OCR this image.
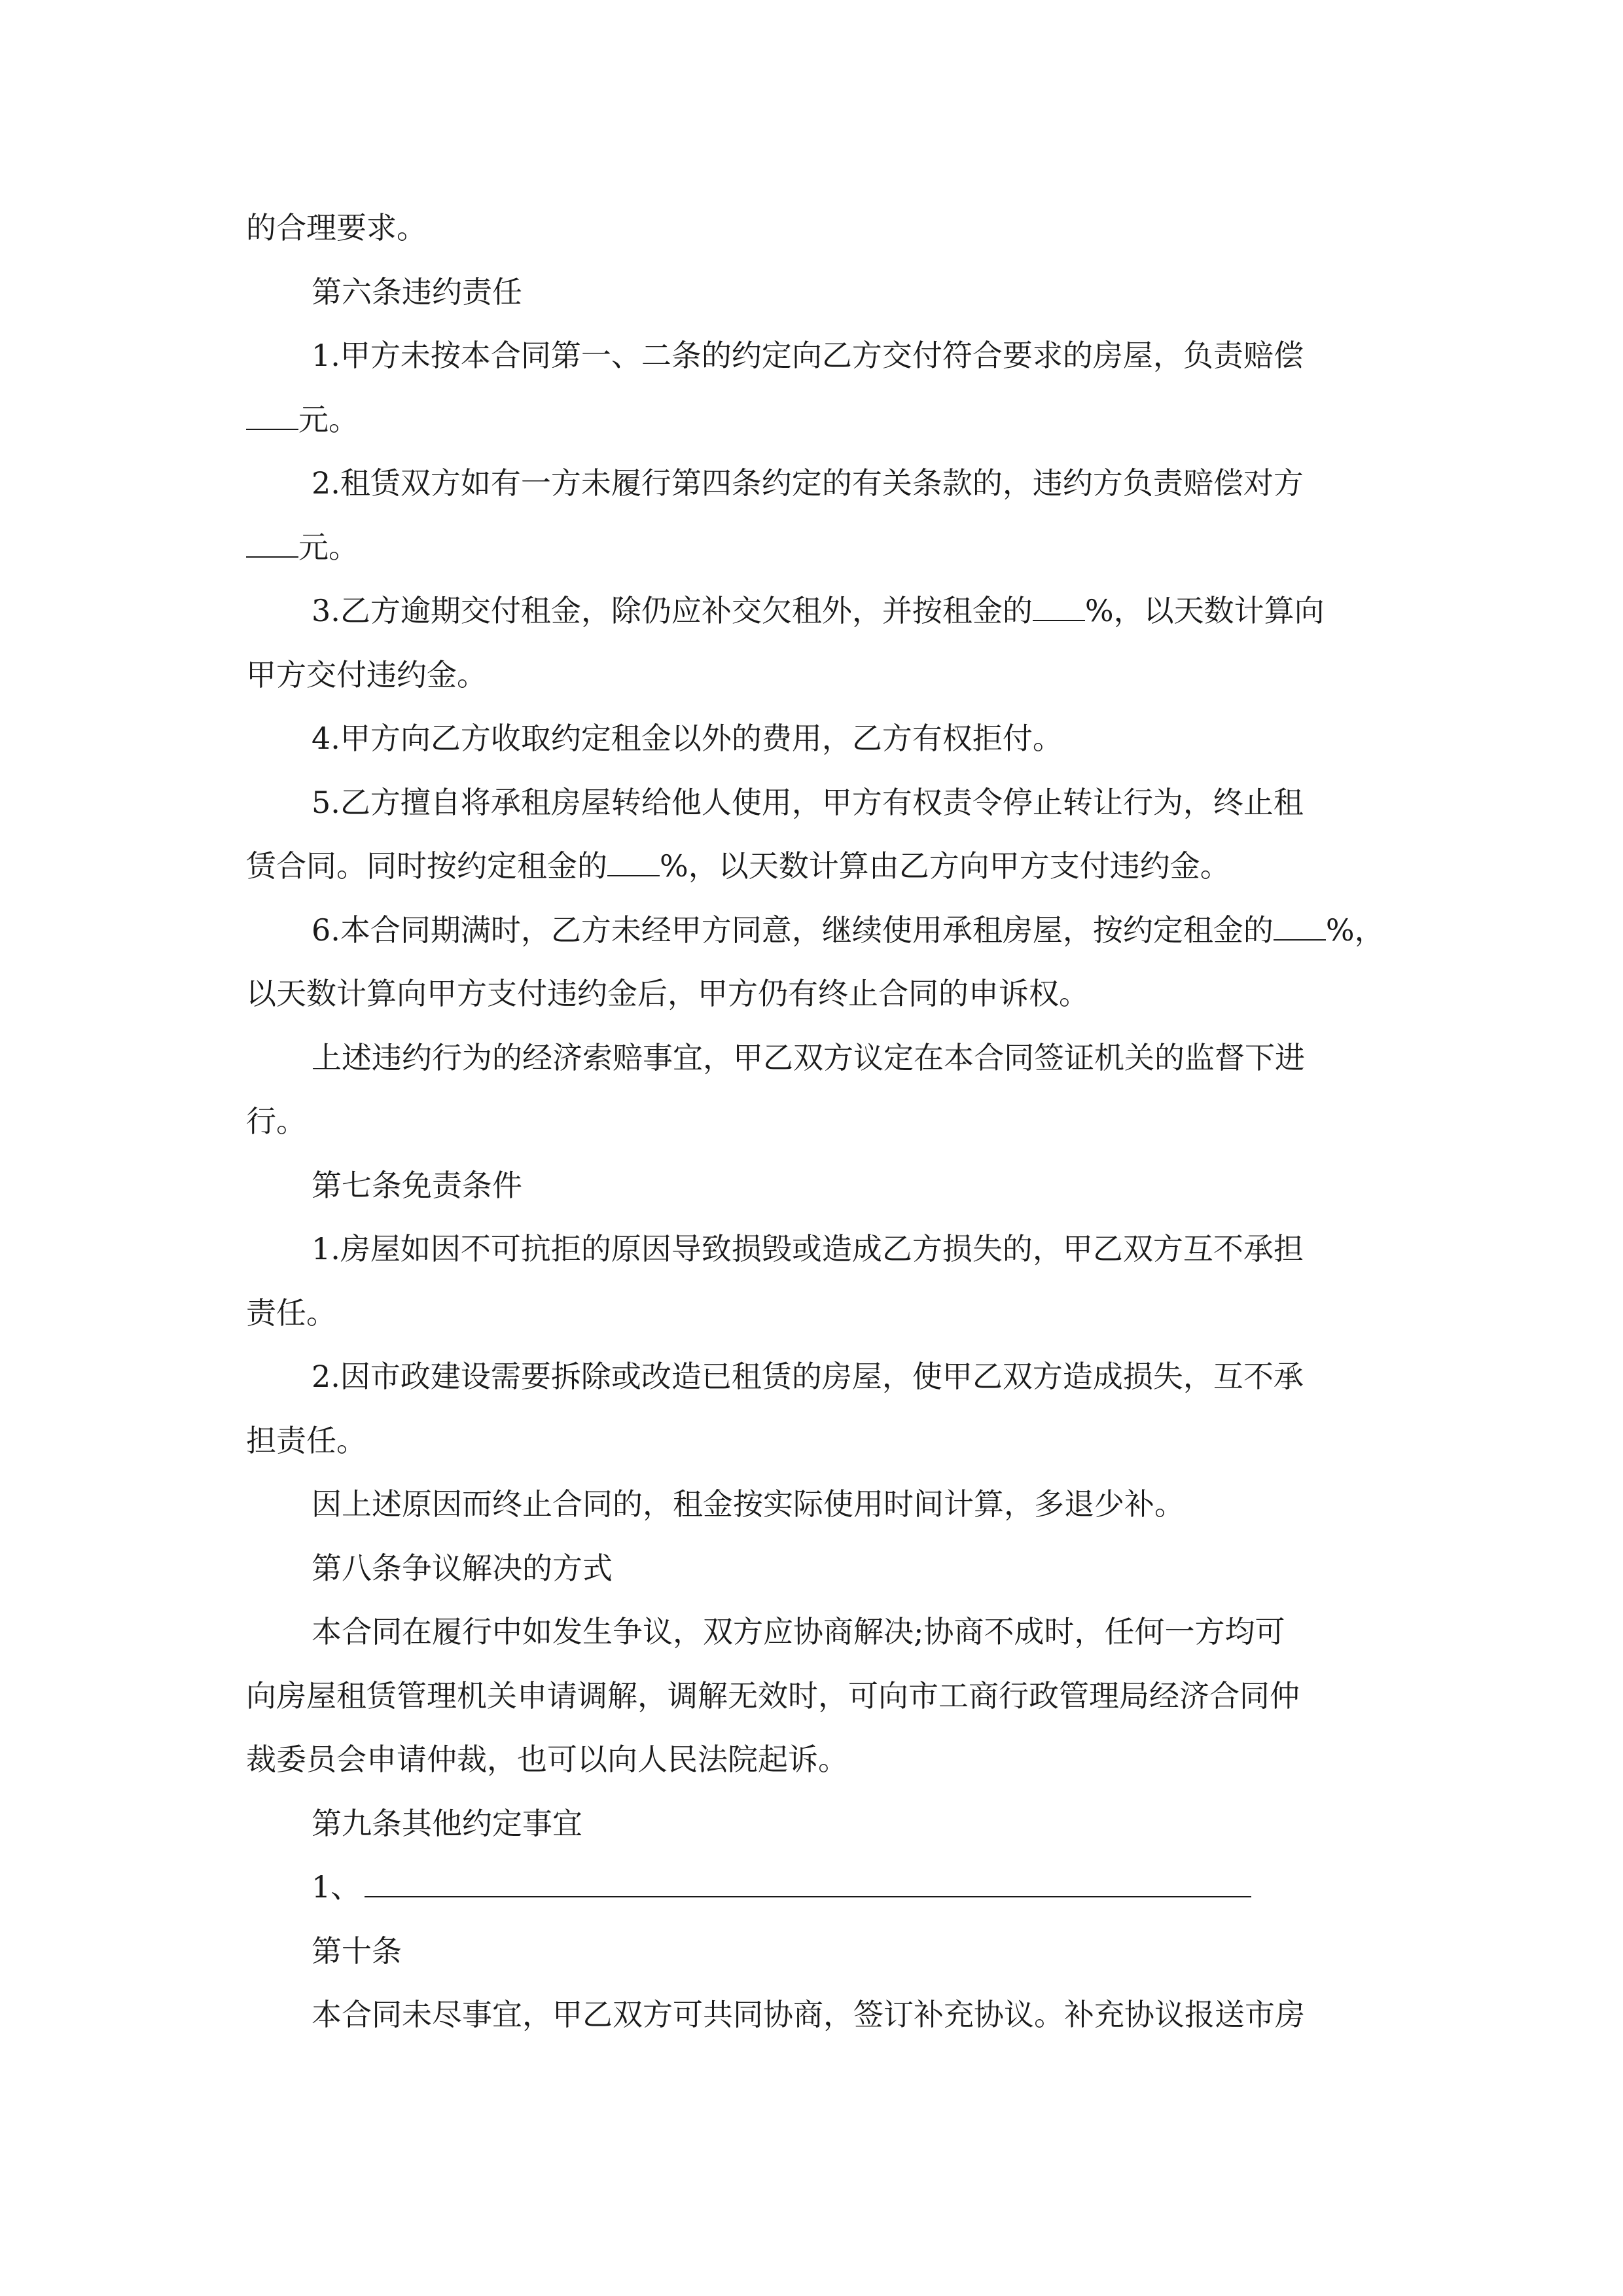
的合理要求。
第六条违约责任
1.甲方未按本合同第一、二条的约定向乙方交付符合要求的房屋，负责赔偿
元。
2.租赁双方如有一方未履行第四条约定的有关条款的，违约方负责赔偿对方
元。
3.乙方逾期交付租金，除仍应补交欠租外，并按租金的 %，以天数计算向
甲方交付违约金。
4.甲方向乙方收取约定租金以外的费用，乙方有权拒付。
5.乙方擅自将承租房屋转给他人使用，甲方有权责令停止转让行为，终止租
赁合同。同时按约定租金的 %，以天数计算由乙方向甲方支付违约金。
6.本合同期满时，乙方未经甲方同意，继续使用承租房屋，按约定租金的 %，
以天数计算向甲方支付违约金后，甲方仍有终止合同的申诉权。
上述违约行为的经济索赔事宜，甲乙双方议定在本合同签证机关的监督下进
行。
第七条免责条件
1.房屋如因不可抗拒的原因导致损毁或造成乙方损失的，甲乙双方互不承担
责任。
2.因市政建设需要拆除或改造已租赁的房屋，使甲乙双方造成损失，互不承
担责任。
因上述原因而终止合同的，租金按实际使用时间计算，多退少补。
第八条争议解决的方式
本合同在履行中如发生争议，双方应协商解决;协商不成时，任何一方均可
向房屋租赁管理机关申请调解，调解无效时，可向市工商行政管理局经济合同仲
裁委员会申请仲裁，也可以向人民法院起诉。
第九条其他约定事宜
1、
第十条
本合同未尽事宜，甲乙双方可共同协商，签订补充协议。补充协议报送市房
